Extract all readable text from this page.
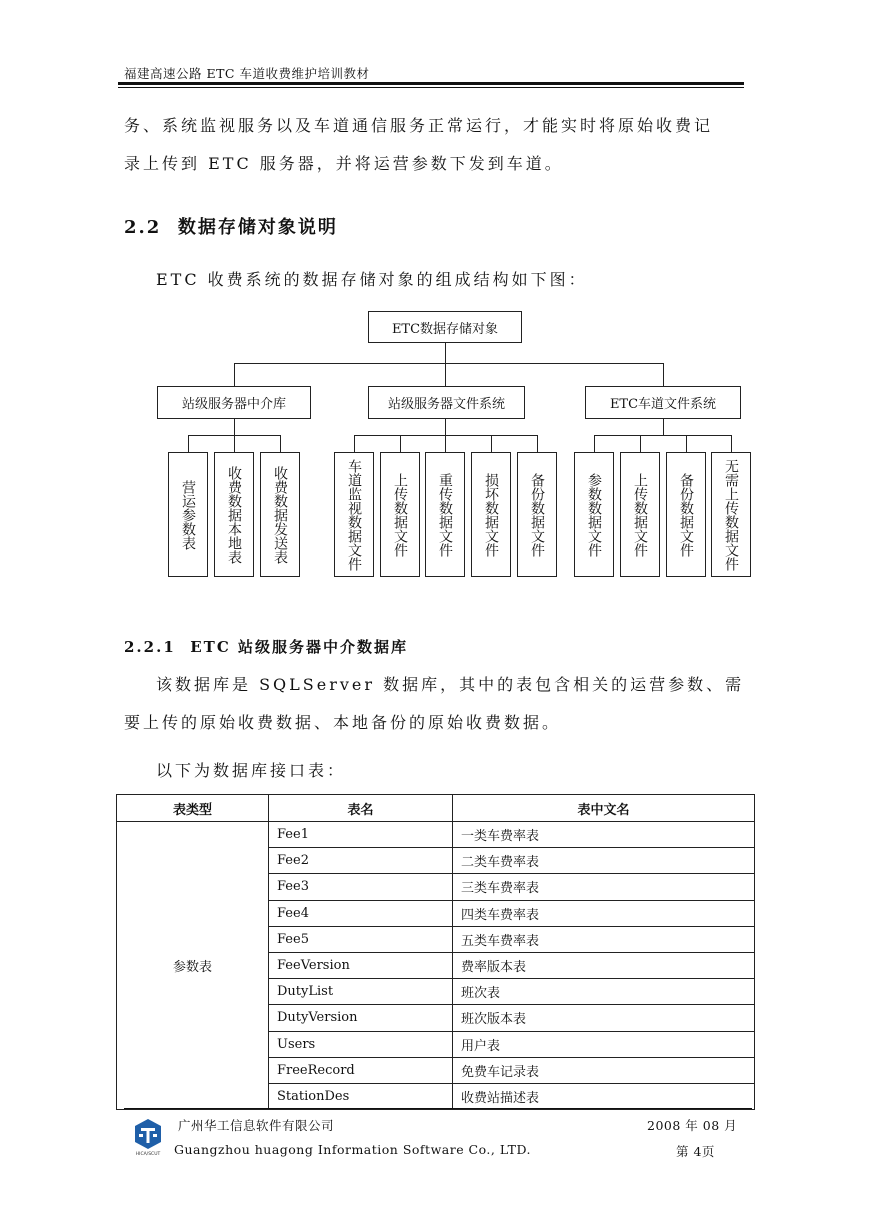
福建高速公路 ETC 车道收费维护培训教材
务、系统监视服务以及车道通信服务正常运行，才能实时将原始收费记
录上传到 ETC 服务器，并将运营参数下发到车道。
2.2 数据存储对象说明
ETC 收费系统的数据存储对象的组成结构如下图：
ETC数据存储对象
站级服务器中介库	站级服务器文件系统	ETC车道文件系统
营运参数表 收费数据本地表 收费数据发送表	车道监视数据文件 上传数据文件 重传数据文件 损坏数据文件 备份数据文件	参数数据文件 上传数据文件 备份数据文件 无需上传数据文件
2.2.1 ETC 站级服务器中介数据库
该数据库是 SQLServer 数据库，其中的表包含相关的运营参数、需
要上传的原始收费数据、本地备份的原始收费数据。
以下为数据库接口表：
表类型	表名	表中文名
参数表	Fee1	一类车费率表
	Fee2	二类车费率表
	Fee3	三类车费率表
	Fee4	四类车费率表
	Fee5	五类车费率表
	FeeVersion	费率版本表
	DutyList	班次表
	DutyVersion	班次版本表
	Users	用户表
	FreeRecord	免费车记录表
	StationDes	收费站描述表
HICA/SCUT
广州华工信息软件有限公司
Guangzhou huagong Information Software Co., LTD.
2008 年 08 月
第 4页
